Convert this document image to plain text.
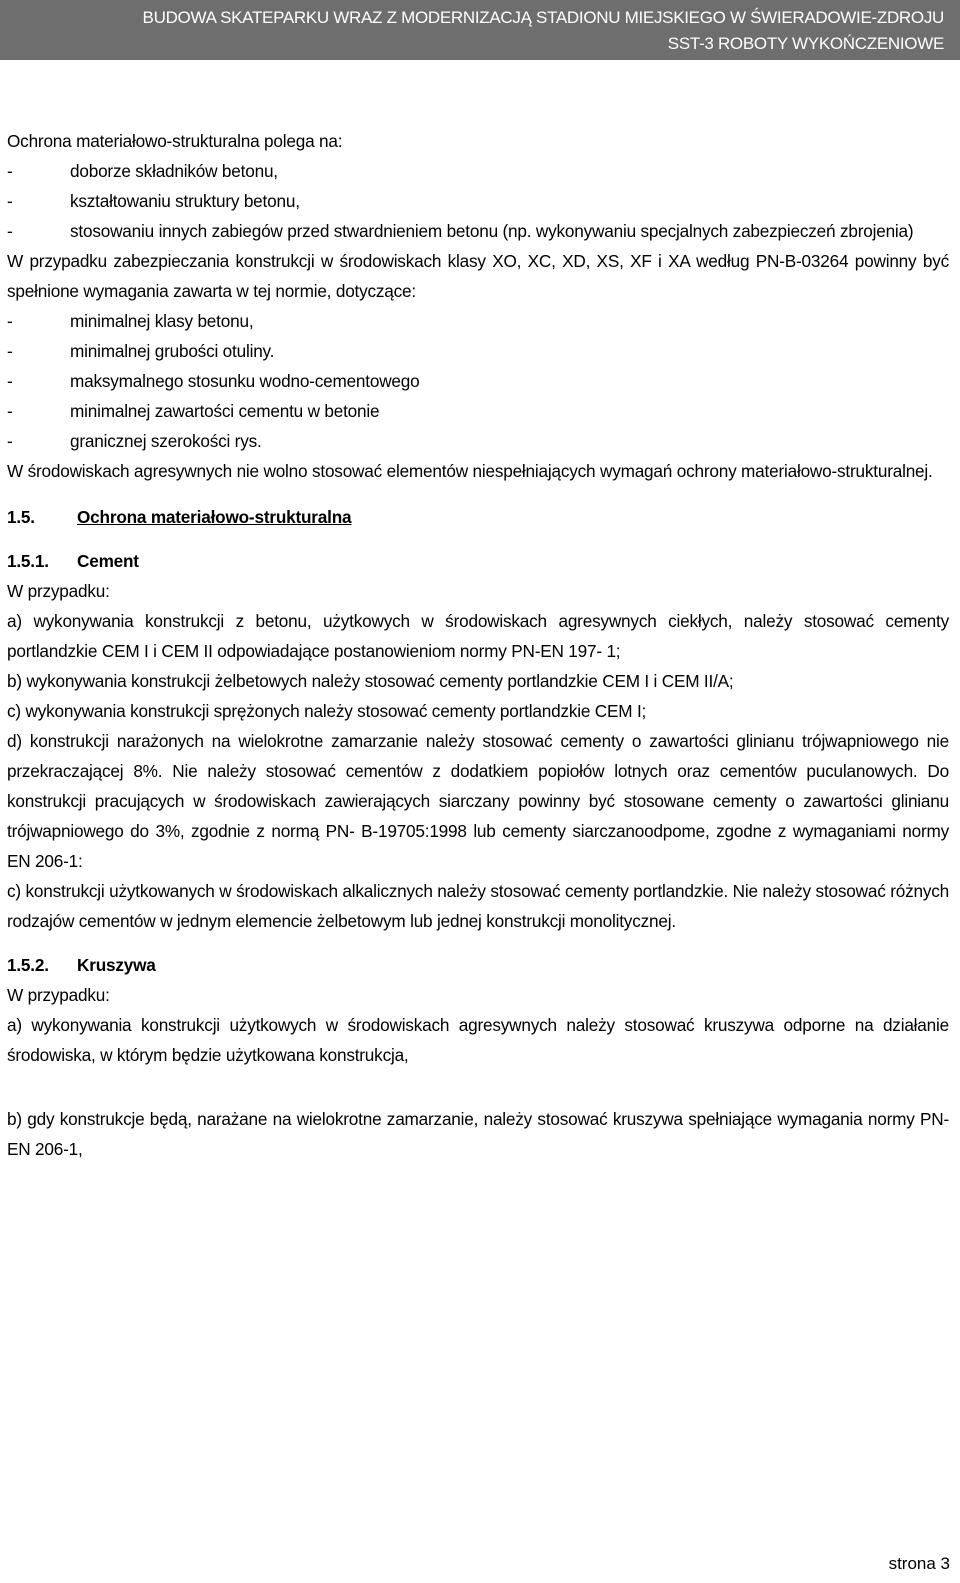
BUDOWA SKATEPARKU WRAZ Z MODERNIZACJĄ STADIONU MIEJSKIEGO W ŚWIERADOWIE-ZDROJU
SST-3 ROBOTY WYKOŃCZENIOWE

Ochrona materiałowo-strukturalna polega na:

-	doborze składników betonu,

-	kształtowaniu struktury betonu,

-	stosowaniu innych zabiegów przed stwardnieniem betonu (np. wykonywaniu specjalnych zabezpieczeń zbrojenia)

W przypadku zabezpieczania konstrukcji w środowiskach klasy XO, XC, XD, XS, XF i XA według PN-B-03264 powinny być spełnione wymagania zawarta w tej normie, dotyczące:

-	minimalnej klasy betonu,

-	minimalnej grubości otuliny.

-	maksymalnego stosunku wodno-cementowego

-	minimalnej zawartości cementu w betonie

-	granicznej szerokości rys.

W środowiskach agresywnych nie wolno stosować elementów niespełniających wymagań ochrony materiałowo-strukturalnej.

1.5. Ochrona materiałowo-strukturalna

1.5.1. Cement

W przypadku:

a) wykonywania konstrukcji z betonu, użytkowych w środowiskach agresywnych ciekłych, należy stosować cementy portlandzkie CEM I i CEM II odpowiadające postanowieniom normy PN-EN 197- 1;

b) wykonywania konstrukcji żelbetowych należy stosować cementy portlandzkie CEM I i CEM II/A;

c) wykonywania konstrukcji sprężonych należy stosować cementy portlandzkie CEM I;

d) konstrukcji narażonych na wielokrotne zamarzanie należy stosować cementy o zawartości glinianu trójwapniowego nie przekraczającej 8%. Nie należy stosować cementów z dodatkiem popiołów lotnych oraz cementów puculanowych. Do konstrukcji pracujących w środowiskach zawierających siarczany powinny być stosowane cementy o zawartości glinianu trójwapniowego do 3%, zgodnie z normą PN- B-19705:1998 lub cementy siarczanoodpome, zgodne z wymaganiami normy EN 206-1:

c) konstrukcji użytkowanych w środowiskach alkalicznych należy stosować cementy portlandzkie. Nie należy stosować różnych rodzajów cementów w jednym elemencie żelbetowym lub jednej konstrukcji monolitycznej.

1.5.2. Kruszywa

W przypadku:

a) wykonywania konstrukcji użytkowych w środowiskach agresywnych należy stosować kruszywa odporne na działanie środowiska, w którym będzie użytkowana konstrukcja,

b) gdy konstrukcje będą, narażane na wielokrotne zamarzanie, należy stosować kruszywa spełniające wymagania normy PN-EN 206-1,

strona 3
